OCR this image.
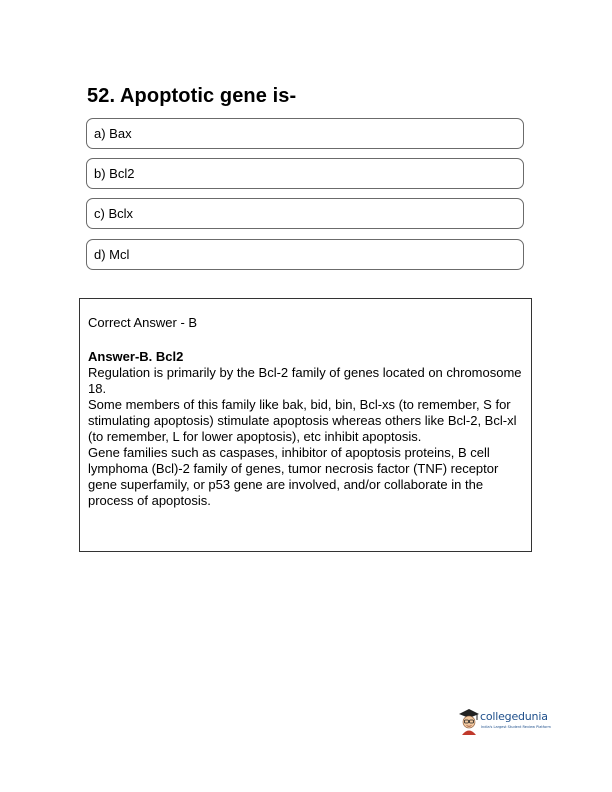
52. Apoptotic gene is-
a) Bax
b) Bcl2
c) Bclx
d) Mcl

Correct Answer - B

Answer-B. Bcl2

Regulation is primarily by the Bcl-2 family of genes located on chromosome 18.

Some members of this family like bak, bid, bin, Bcl-xs (to remember, S for stimulating apoptosis) stimulate apoptosis whereas others like Bcl-2, Bcl-xl (to remember, L for lower apoptosis), etc inhibit apoptosis.

Gene families such as caspases, inhibitor of apoptosis proteins, B cell lymphoma (Bcl)-2 family of genes, tumor necrosis factor (TNF) receptor gene superfamily, or p53 gene are involved, and/or collaborate in the process of apoptosis.

collegedunia
India's Largest Student Review Platform
